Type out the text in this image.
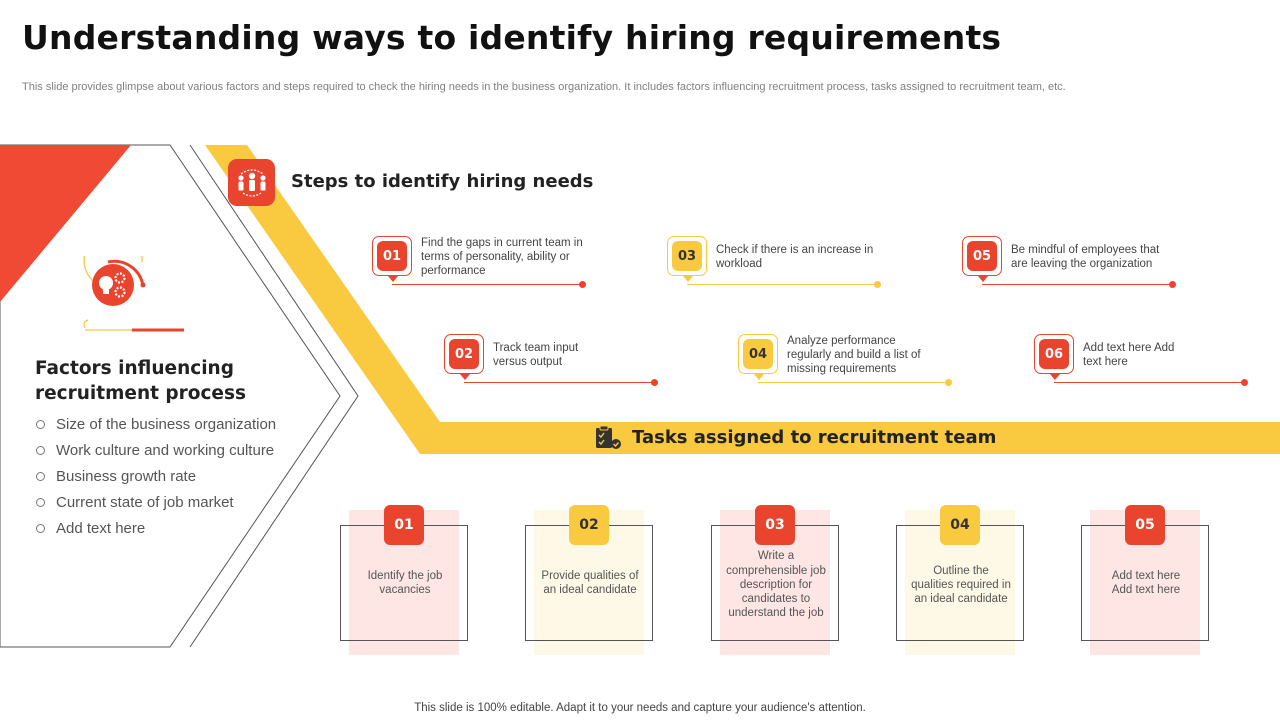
Understanding ways to identify hiring requirements
This slide provides glimpse about various factors and steps required to check the hiring needs in the business organization. It includes factors influencing recruitment process, tasks assigned to recruitment team, etc.
Factors influencing recruitment process
Size of the business organization
Work culture and working culture
Business growth rate
Current state of job market
Add text here
Steps to identify hiring needs
01
Find the gaps in current team in terms of personality, ability or performance
02	Track team input versus output
03	Check if there is an increase in workload
04
Analyze performance regularly and build a list of missing requirements
05	Be mindful of employees that are leaving the organization
06	Add text here Add text here
Tasks assigned to recruitment team
01
Identify the job vacancies
02
Provide qualities of an ideal candidate
03
Write a comprehensible job description for candidates to understand the job
04
Outline the qualities required in an ideal candidate
05
Add text here Add text here
This slide is 100% editable. Adapt it to your needs and capture your audience's attention.
